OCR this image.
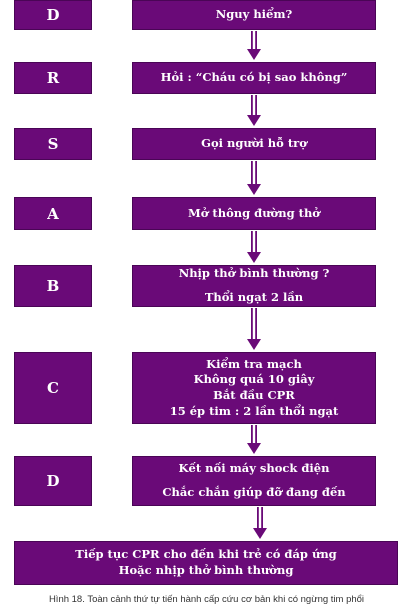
D
R
S
A
B
C
D
Nguy hiểm?
Hỏi : “Cháu có bị sao không”
Gọi người hỗ trợ
Mở thông đường thở
Nhịp thở bình thường ?
Thổi ngạt 2 lần
Kiểm tra mạch
Không quá 10 giây
Bắt đầu CPR
15 ép tim : 2 lần thổi ngạt
Kết nối máy shock điện
Chắc chắn giúp đỡ đang đến
Tiếp tục CPR cho đến khi trẻ có đáp ứng
Hoặc nhịp thở bình thường
Hình 18. Toàn cảnh thứ tự tiến hành cấp cứu cơ bản khi có ngừng tim phổi
